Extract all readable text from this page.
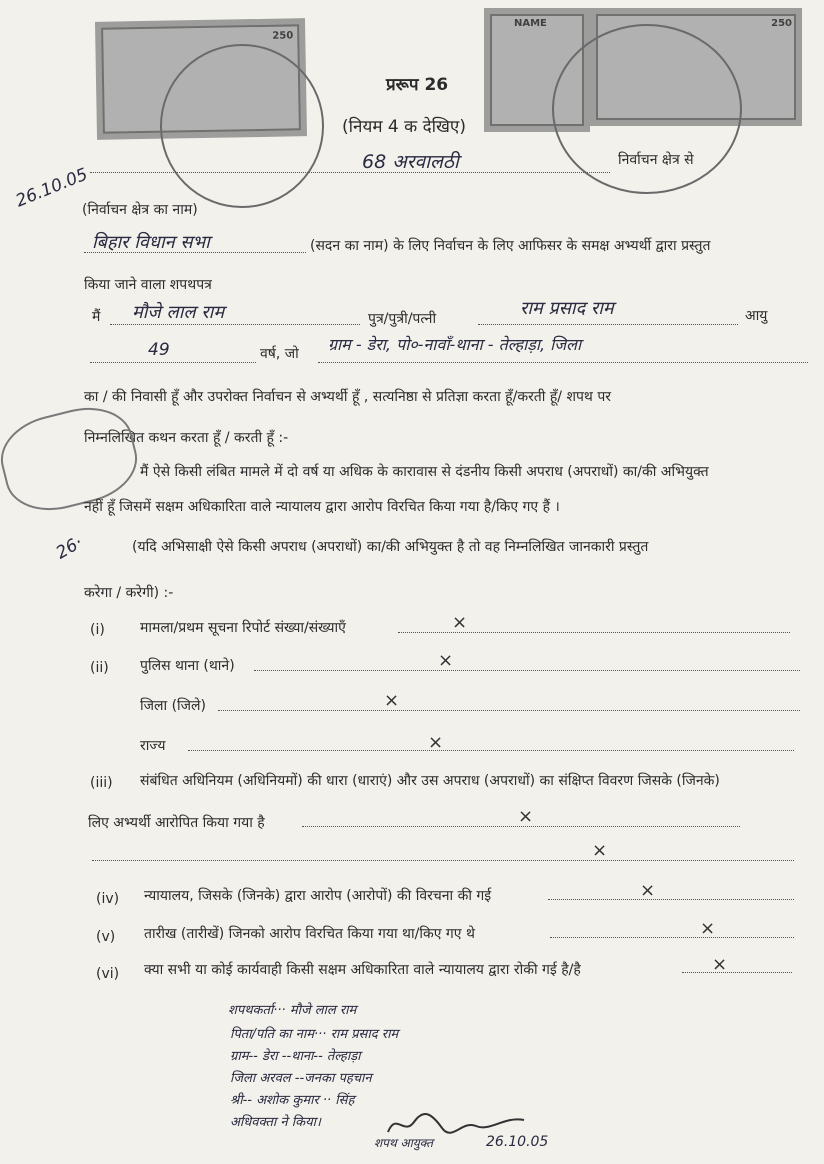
250
NAME	250
प्ररूप 26
(नियम 4 क देखिए)
68 अरवालठी	निर्वाचन क्षेत्र से
26.10.05
(निर्वाचन क्षेत्र का नाम)
बिहार विधान सभा	(सदन का नाम) के लिए निर्वाचन के लिए आफिसर के समक्ष अभ्यर्थी द्वारा प्रस्तुत
किया जाने वाला शपथपत्र
मैं मौजे लाल राम	पुत्र/पुत्री/पत्नी	राम प्रसाद राम	आयु
49	वर्ष, जो ग्राम - डेरा, पो०-नावाँ-थाना - तेल्हाड़ा, जिला
का / की निवासी हूँ और उपरोक्त निर्वाचन से अभ्यर्थी हूँ , सत्यनिष्ठा से प्रतिज्ञा करता हूँ/करती हूँ/ शपथ पर
निम्नलिखित कथन करता हूँ / करती हूँ :-
26·
मैं ऐसे किसी लंबित मामले में दो वर्ष या अधिक के कारावास से दंडनीय किसी अपराध (अपराधों) का/की अभियुक्त
नहीं हूँ जिसमें सक्षम अधिकारिता वाले न्यायालय द्वारा आरोप विरचित किया गया है/किए गए हैं ।
(यदि अभिसाक्षी ऐसे किसी अपराध (अपराधों) का/की अभियुक्त है तो वह निम्नलिखित जानकारी प्रस्तुत
करेगा / करेगी) :-
(i)	मामला/प्रथम सूचना रिपोर्ट संख्या/संख्याएँ	×
(ii) पुलिस थाना (थाने)	×
जिला (जिले)	×
राज्य	×
(iii) संबंधित अधिनियम (अधिनियमों) की धारा (धाराएं) और उस अपराध (अपराधों) का संक्षिप्त विवरण जिसके (जिनके)
लिए अभ्यर्थी आरोपित किया गया है	×
×
(iv) न्यायालय, जिसके (जिनके) द्वारा आरोप (आरोपों) की विरचना की गई	×
(v) तारीख (तारीखें) जिनको आरोप विरचित किया गया था/किए गए थे	×
(vi) क्या सभी या कोई कार्यवाही किसी सक्षम अधिकारिता वाले न्यायालय द्वारा रोकी गई है/है	×
शपथकर्ता··· मौजे लाल राम
पिता/पति का नाम··· राम प्रसाद राम
ग्राम-- डेरा --थाना-- तेल्हाड़ा
जिला अरवल --जनका पहचान
श्री-- अशोक कुमार ·· सिंह
अधिवक्ता ने किया।
शपथ आयुक्त	26.10.05
